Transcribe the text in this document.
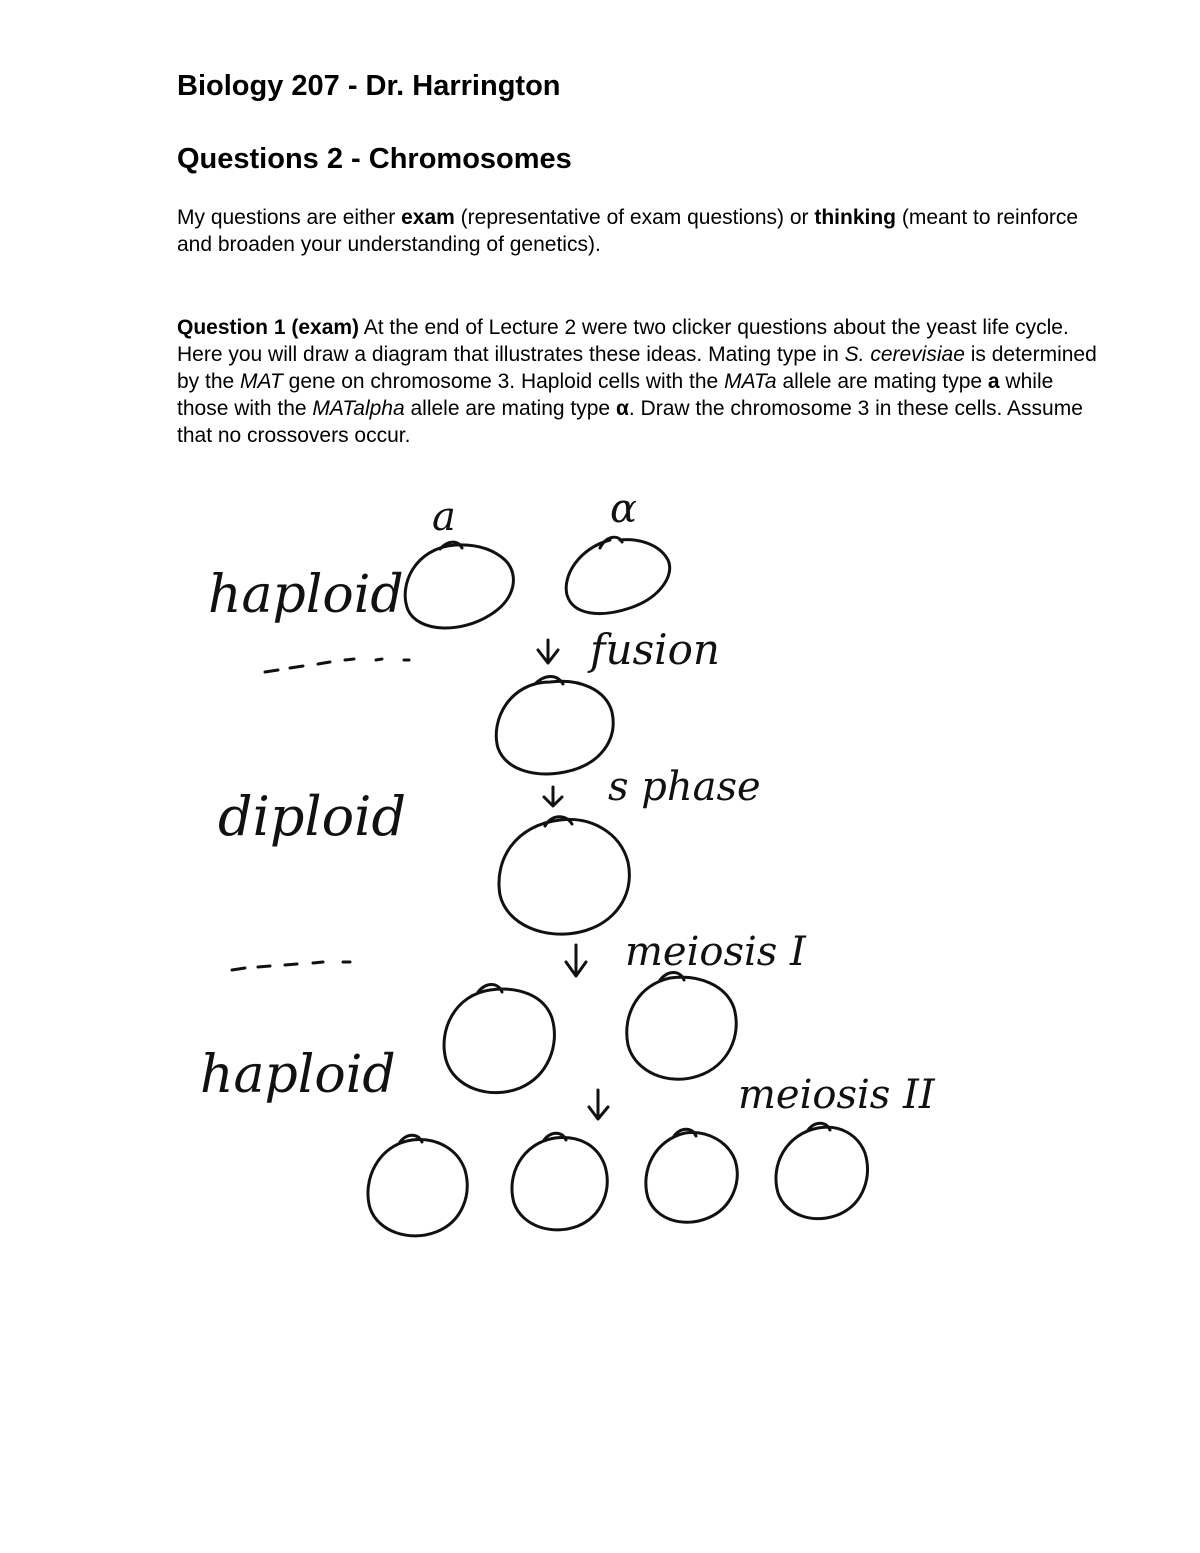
Biology 207 - Dr. Harrington
Questions 2 - Chromosomes

My questions are either exam (representative of exam questions) or thinking (meant to reinforce and broaden your understanding of genetics).

Question 1 (exam) At the end of Lecture 2 were two clicker questions about the yeast life cycle. Here you will draw a diagram that illustrates these ideas. Mating type in S. cerevisiae is determined by the MAT gene on chromosome 3. Haploid cells with the MATa allele are mating type a while those with the MATalpha allele are mating type α. Draw the chromosome 3 in these cells. Assume that no crossovers occur.

a	α
haploid
fusion
diploid	s phase
meiosis I
haploid	meiosis II
